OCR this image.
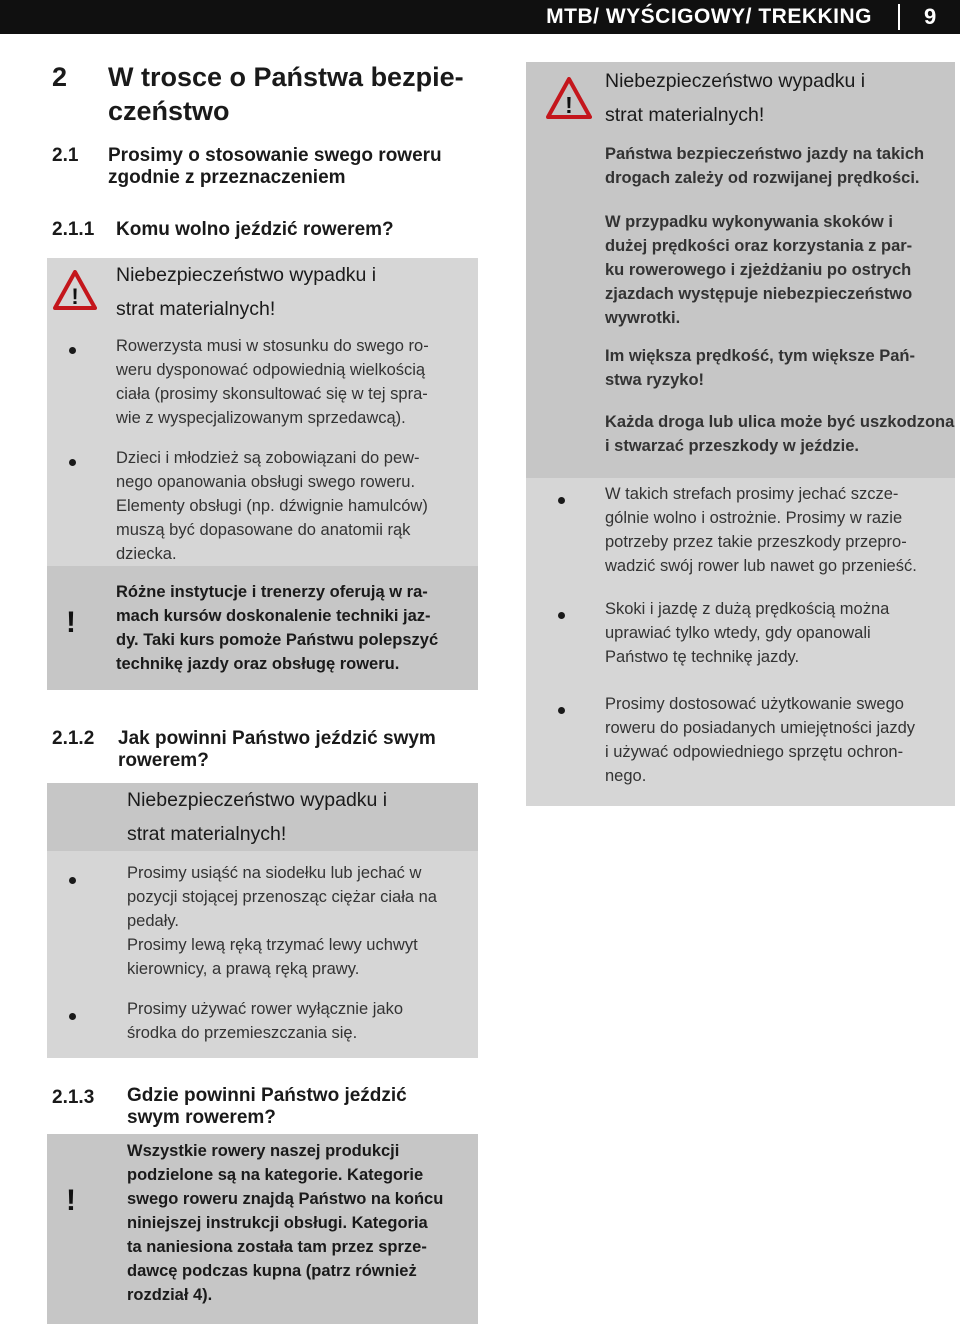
MTB/ WYŚCIGOWY/ TREKKING 9
2 W trosce o Państwa bezpie-
czeństwo
2.1 Prosimy o stosowanie swego roweru
zgodnie z przeznaczeniem
2.1.1 Komu wolno jeździć rowerem?
!
Niebezpieczeństwo wypadku i
strat materialnych!
Rowerzysta musi w stosunku do swego ro-
weru dysponować odpowiednią wielkością
ciała (prosimy skonsultować się w tej spra-
wie z wyspecjalizowanym sprzedawcą).
Dzieci i młodzież są zobowiązani do pew-
nego opanowania obsługi swego roweru.
Elementy obsługi (np. dźwignie hamulców)
muszą być dopasowane do anatomii rąk
dziecka.
!
Różne instytucje i trenerzy oferują w ra-
mach kursów doskonalenie techniki jaz-
dy. Taki kurs pomoże Państwu polepszyć
technikę jazdy oraz obsługę roweru.
2.1.2 Jak powinni Państwo jeździć swym
rowerem?
Niebezpieczeństwo wypadku i
strat materialnych!
Prosimy usiąść na siodełku lub jechać w
pozycji stojącej przenosząc ciężar ciała na
pedały.
Prosimy lewą ręką trzymać lewy uchwyt
kierownicy, a prawą ręką prawy.
Prosimy używać rower wyłącznie jako
środka do przemieszczania się.
2.1.3 Gdzie powinni Państwo jeździć
swym rowerem?
!
Wszystkie rowery naszej produkcji
podzielone są na kategorie. Kategorie
swego roweru znajdą Państwo na końcu
niniejszej instrukcji obsługi. Kategoria
ta naniesiona została tam przez sprze-
dawcę podczas kupna (patrz również
rozdział 4).
!
Niebezpieczeństwo wypadku i
strat materialnych!
Państwa bezpieczeństwo jazdy na takich
drogach zależy od rozwijanej prędkości.
W przypadku wykonywania skoków i
dużej prędkości oraz korzystania z par-
ku rowerowego i zjeżdżaniu po ostrych
zjazdach występuje niebezpieczeństwo
wywrotki.
Im większa prędkość, tym większe Pań-
stwa ryzyko!
Każda droga lub ulica może być uszkodzona
i stwarzać przeszkody w jeździe.
W takich strefach prosimy jechać szcze-
gólnie wolno i ostrożnie. Prosimy w razie
potrzeby przez takie przeszkody przepro-
wadzić swój rower lub nawet go przenieść.
Skoki i jazdę z dużą prędkością można
uprawiać tylko wtedy, gdy opanowali
Państwo tę technikę jazdy.
Prosimy dostosować użytkowanie swego
roweru do posiadanych umiejętności jazdy
i używać odpowiedniego sprzętu ochron-
nego.
